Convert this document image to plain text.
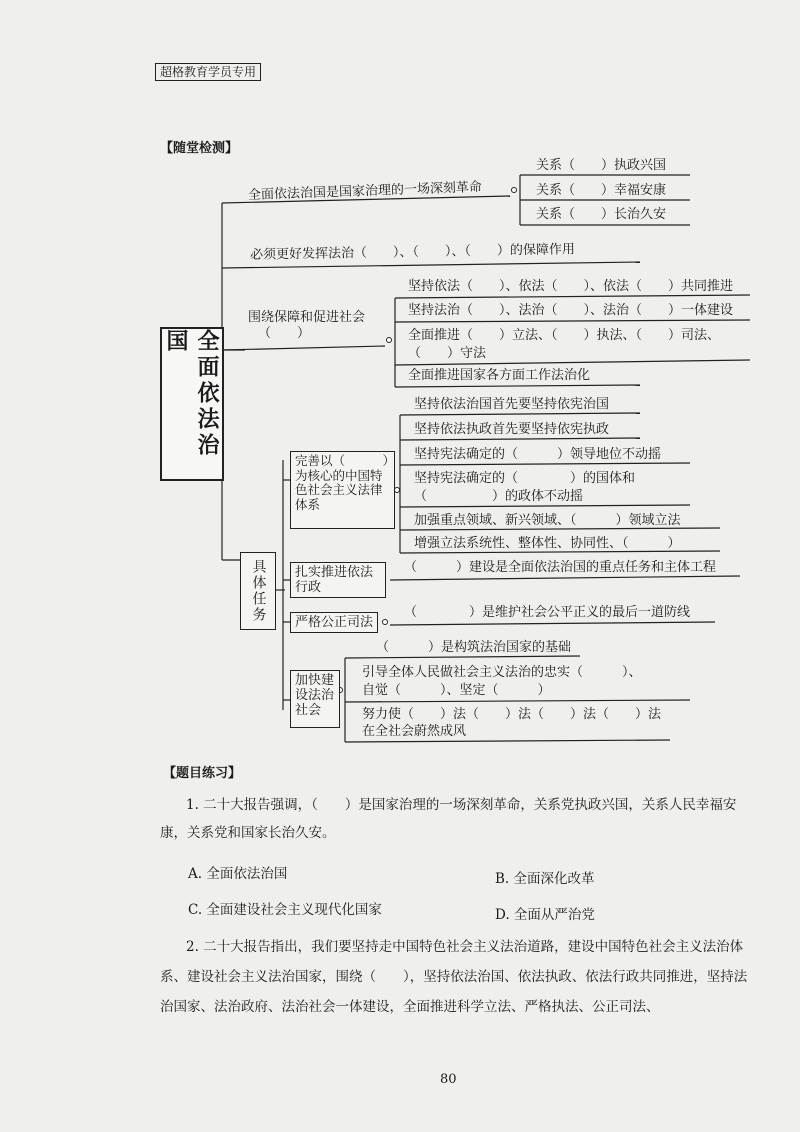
超格教育学员专用
【随堂检测】
全面依法治国
全面依法治国是国家治理的一场深刻革命
关系（　　）执政兴国
关系（　　）幸福安康
关系（　　）长治久安
必须更好发挥法治（　　）、（　　）、（　　）的保障作用
围绕保障和促进社会
（　　）
坚持依法（　　）、依法（　　）、依法（　　）共同推进
坚持法治（　　）、法治（　　）、法治（　　）一体建设
全面推进（　　）立法、（　　）执法、（　　）司法、
（　　）守法
全面推进国家各方面工作法治化
具体任务
完善以（　　　）为核心的中国特色社会主义法律体系
坚持依法治国首先要坚持依宪治国
坚持依法执政首先要坚持依宪执政
坚持宪法确定的（　　　）领导地位不动摇
坚持宪法确定的（　　　　）的国体和
（　　　　　）的政体不动摇
加强重点领域、新兴领域、（　　　）领域立法
增强立法系统性、整体性、协同性、（　　　）
扎实推进依法行政
（　　　）建设是全面依法治国的重点任务和主体工程
严格公正司法
（　　　　）是维护社会公平正义的最后一道防线
加快建设法治社会
（　　　）是构筑法治国家的基础
引导全体人民做社会主义法治的忠实（　　　）、
自觉（　　　）、坚定（　　　）
努力使（　　）法（　　）法（　　）法（　　）法
在全社会蔚然成风
【题目练习】
1. 二十大报告强调，（　　）是国家治理的一场深刻革命，关系党执政兴国，关系人民幸福安康，关系党和国家长治久安。
A. 全面依法治国	B. 全面深化改革
C. 全面建设社会主义现代化国家	D. 全面从严治党
2. 二十大报告指出，我们要坚持走中国特色社会主义法治道路，建设中国特色社会主义法治体系、建设社会主义法治国家，围绕（　　），坚持依法治国、依法执政、依法行政共同推进，坚持法治国家、法治政府、法治社会一体建设，全面推进科学立法、严格执法、公正司法、
80
